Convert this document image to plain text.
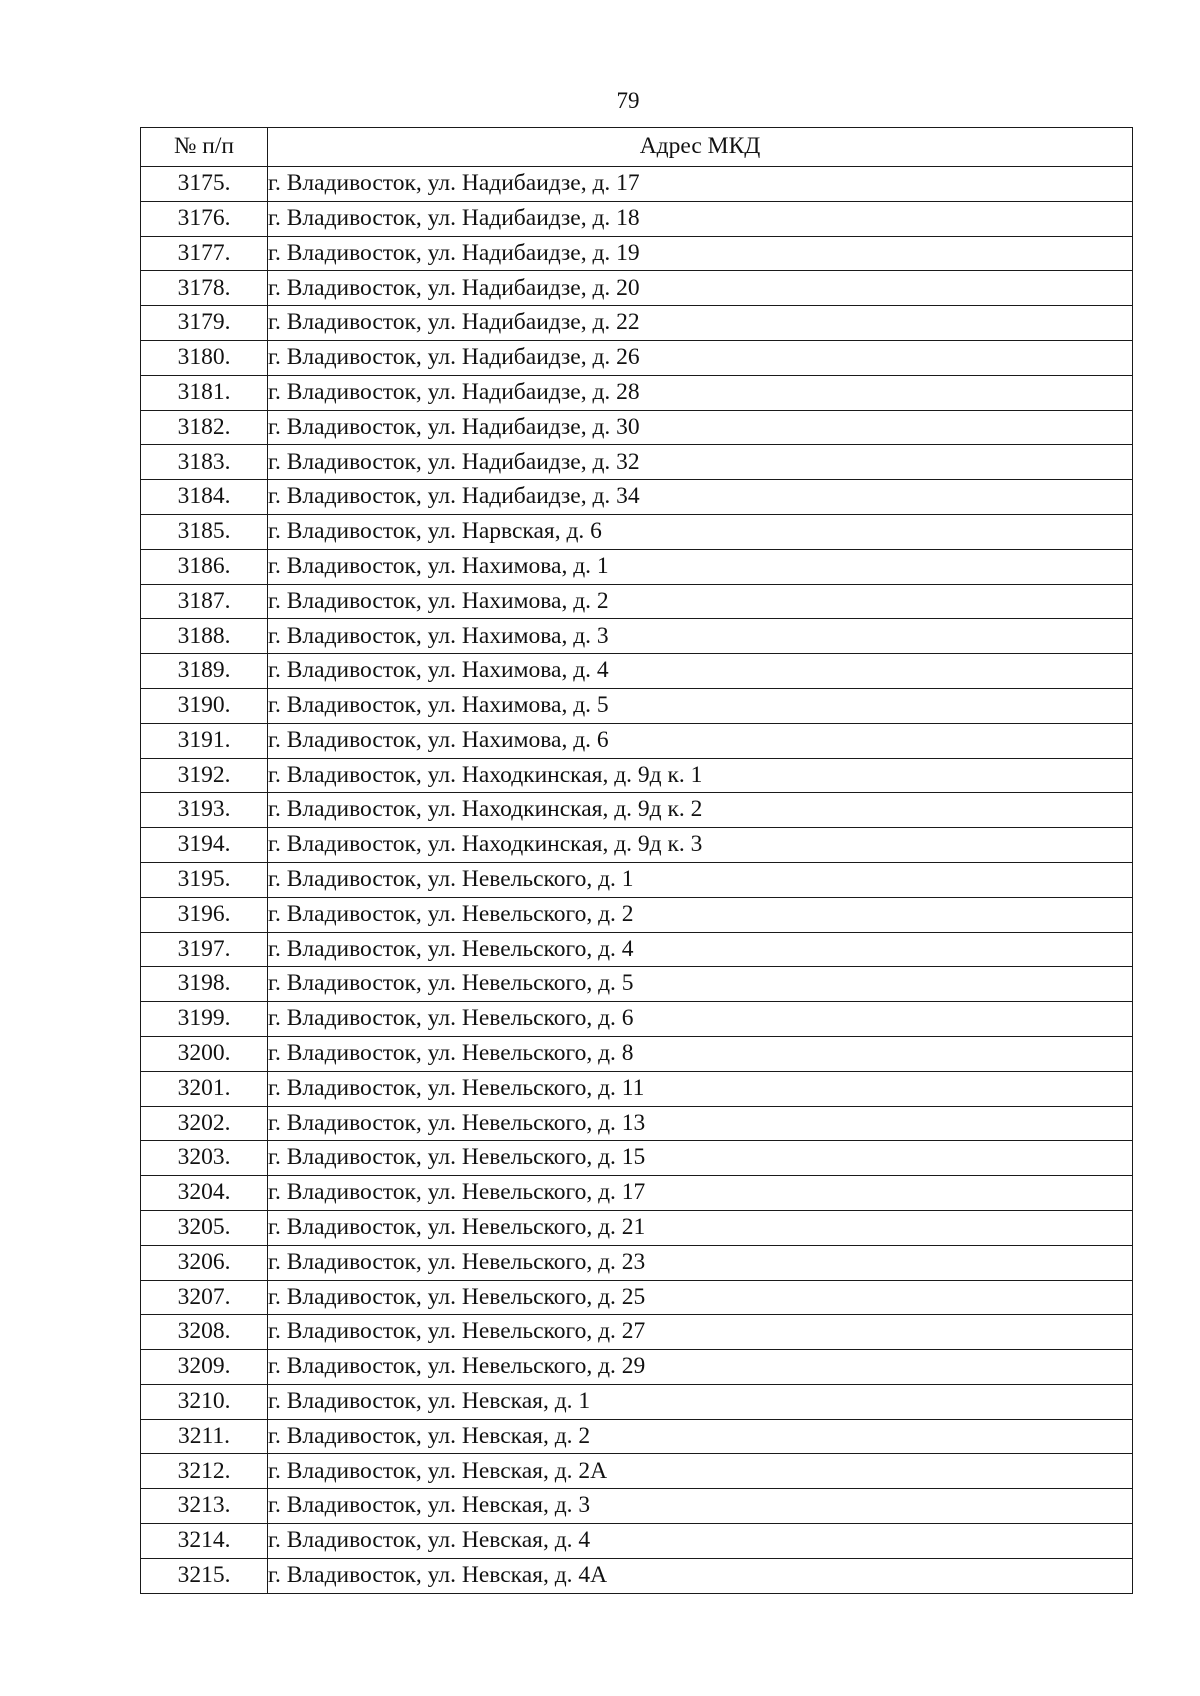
79
№ п/п	Адрес МКД
3175.	г. Владивосток, ул. Надибаидзе, д. 17
3176.	г. Владивосток, ул. Надибаидзе, д. 18
3177.	г. Владивосток, ул. Надибаидзе, д. 19
3178.	г. Владивосток, ул. Надибаидзе, д. 20
3179.	г. Владивосток, ул. Надибаидзе, д. 22
3180.	г. Владивосток, ул. Надибаидзе, д. 26
3181.	г. Владивосток, ул. Надибаидзе, д. 28
3182.	г. Владивосток, ул. Надибаидзе, д. 30
3183.	г. Владивосток, ул. Надибаидзе, д. 32
3184.	г. Владивосток, ул. Надибаидзе, д. 34
3185.	г. Владивосток, ул. Нарвская, д. 6
3186.	г. Владивосток, ул. Нахимова, д. 1
3187.	г. Владивосток, ул. Нахимова, д. 2
3188.	г. Владивосток, ул. Нахимова, д. 3
3189.	г. Владивосток, ул. Нахимова, д. 4
3190.	г. Владивосток, ул. Нахимова, д. 5
3191.	г. Владивосток, ул. Нахимова, д. 6
3192.	г. Владивосток, ул. Находкинская, д. 9д к. 1
3193.	г. Владивосток, ул. Находкинская, д. 9д к. 2
3194.	г. Владивосток, ул. Находкинская, д. 9д к. 3
3195.	г. Владивосток, ул. Невельского, д. 1
3196.	г. Владивосток, ул. Невельского, д. 2
3197.	г. Владивосток, ул. Невельского, д. 4
3198.	г. Владивосток, ул. Невельского, д. 5
3199.	г. Владивосток, ул. Невельского, д. 6
3200.	г. Владивосток, ул. Невельского, д. 8
3201.	г. Владивосток, ул. Невельского, д. 11
3202.	г. Владивосток, ул. Невельского, д. 13
3203.	г. Владивосток, ул. Невельского, д. 15
3204.	г. Владивосток, ул. Невельского, д. 17
3205.	г. Владивосток, ул. Невельского, д. 21
3206.	г. Владивосток, ул. Невельского, д. 23
3207.	г. Владивосток, ул. Невельского, д. 25
3208.	г. Владивосток, ул. Невельского, д. 27
3209.	г. Владивосток, ул. Невельского, д. 29
3210.	г. Владивосток, ул. Невская, д. 1
3211.	г. Владивосток, ул. Невская, д. 2
3212.	г. Владивосток, ул. Невская, д. 2А
3213.	г. Владивосток, ул. Невская, д. 3
3214.	г. Владивосток, ул. Невская, д. 4
3215.	г. Владивосток, ул. Невская, д. 4А
